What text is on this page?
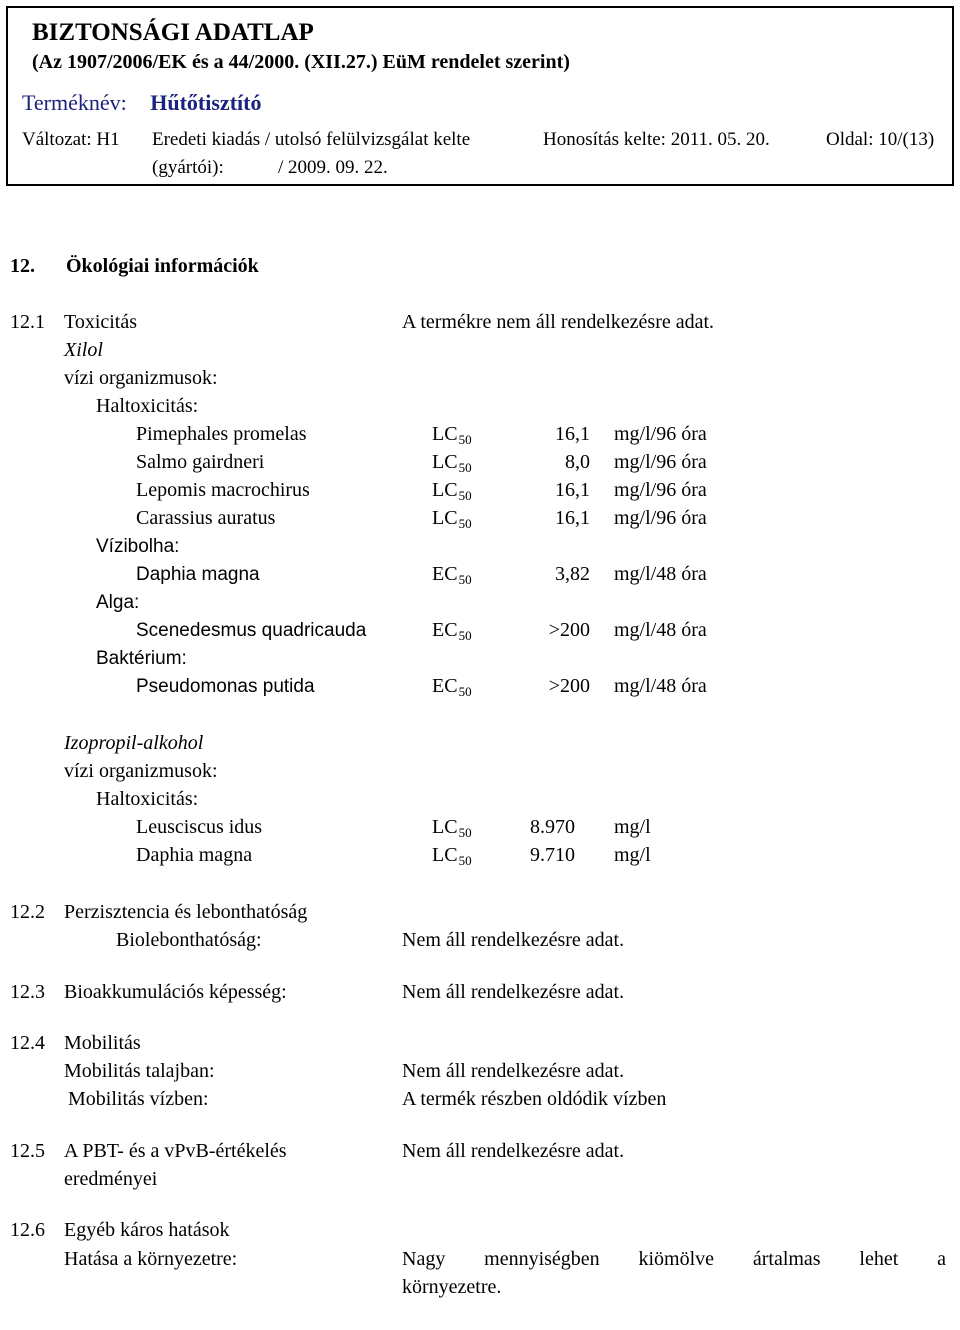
BIZTONSÁGI ADATLAP
(Az 1907/2006/EK és a 44/2000. (XII.27.) EüM rendelet szerint)
Terméknév: Hűtőtisztító
Változat: H1 Eredeti kiadás / utolsó felülvizsgálat kelte
(gyártói):	/ 2009. 09. 22.
Honosítás kelte: 2011. 05. 20.	Oldal: 10/(13)
12. Ökológiai információk
12.1 Toxicitás	A termékre nem áll rendelkezésre adat.
Xilol
vízi organizmusok:
Haltoxicitás:
Pimephales promelas	$LC_{50}$	16,1 mg/l/96 óra
Salmo gairdneri	$LC_{50}$	8,0 mg/l/96 óra
Lepomis macrochirus	$LC_{50}$	16,1 mg/l/96 óra
Carassius auratus	$LC_{50}$	16,1 mg/l/96 óra
Vízibolha:
Daphia magna	$EC_{50}$	3,82 mg/l/48 óra
Alga:
Scenedesmus quadricauda	$EC_{50}$	>200 mg/l/48 óra
Baktérium:
Pseudomonas putida	$EC_{50}$	>200 mg/l/48 óra
Izopropil-alkohol
vízi organizmusok:
Haltoxicitás:
Leusciscus idus	$LC_{50}$	8.970 mg/l
Daphia magna	$LC_{50}$	9.710 mg/l
12.2 Perzisztencia és lebonthatóság
Biolebonthatóság:	Nem áll rendelkezésre adat.
12.3 Bioakkumulációs képesség:	Nem áll rendelkezésre adat.
12.4 Mobilitás
Mobilitás talajban:	Nem áll rendelkezésre adat.
Mobilitás vízben:	A termék részben oldódik vízben
12.5 A PBT- és a vPvB-értékelés
eredményei
Nem áll rendelkezésre adat.
12.6 Egyéb káros hatások
Hatása a környezetre:	Nagy mennyiségben kiömölve ártalmas lehet a
környezetre.
